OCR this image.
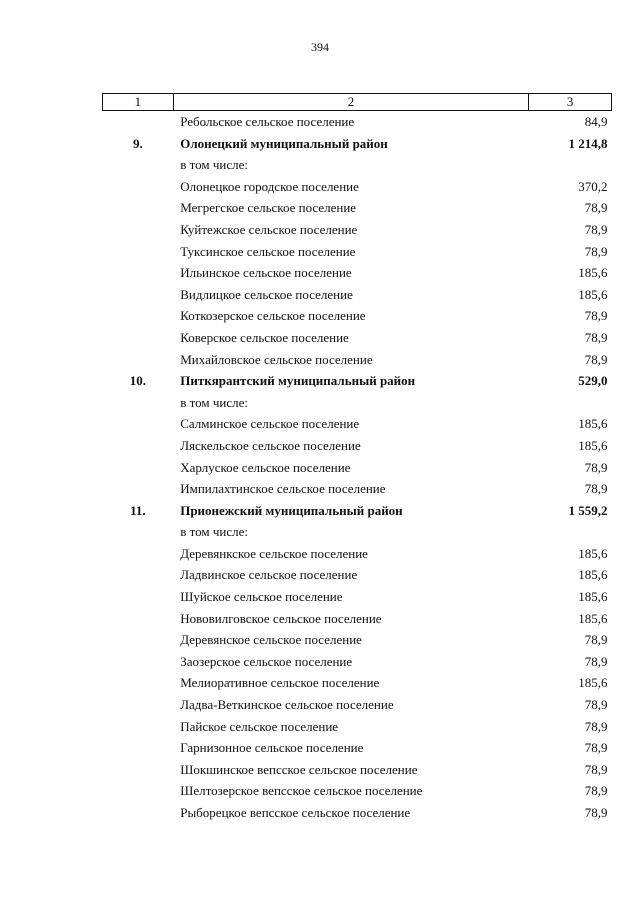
394
1	2	3
	Ребольское сельское поселение	84,9
9.	Олонецкий муниципальный район	1 214,8
	в том числе:	
	Олонецкое городское поселение	370,2
	Мегрегское сельское поселение	78,9
	Куйтежское сельское поселение	78,9
	Туксинское сельское поселение	78,9
	Ильинское сельское поселение	185,6
	Видлицкое сельское поселение	185,6
	Коткозерское сельское поселение	78,9
	Коверское сельское поселение	78,9
	Михайловское сельское поселение	78,9
10.	Питкярантский муниципальный район	529,0
	в том числе:	
	Салминское сельское поселение	185,6
	Ляскельское сельское поселение	185,6
	Харлуское сельское поселение	78,9
	Импилахтинское сельское поселение	78,9
11.	Прионежский муниципальный район	1 559,2
	в том числе:	
	Деревянкское сельское поселение	185,6
	Ладвинское сельское поселение	185,6
	Шуйское сельское поселение	185,6
	Нововилговское сельское поселение	185,6
	Деревянское сельское поселение	78,9
	Заозерское сельское поселение	78,9
	Мелиоративное сельское поселение	185,6
	Ладва-Веткинское сельское поселение	78,9
	Пайское сельское поселение	78,9
	Гарнизонное сельское поселение	78,9
	Шокшинское вепсское сельское поселение	78,9
	Шелтозерское вепсское сельское поселение	78,9
	Рыборецкое вепсское сельское поселение	78,9
